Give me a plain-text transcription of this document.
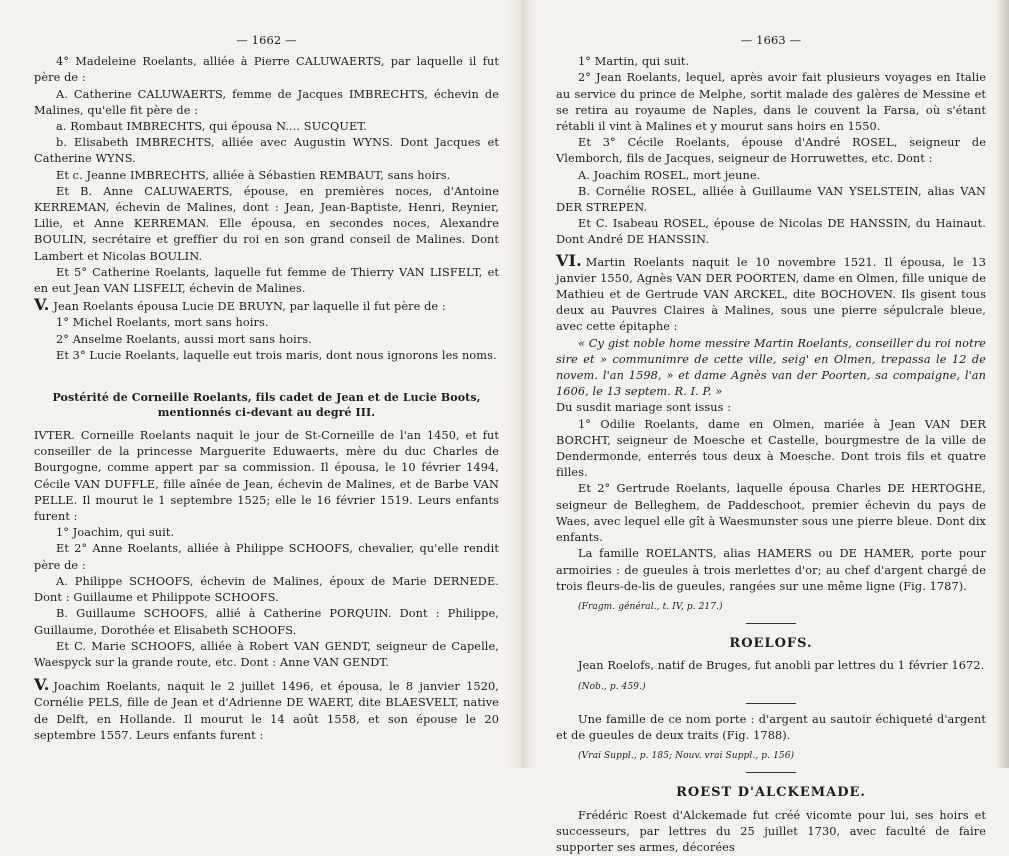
— 1662 —

4° Madeleine Roelants, alliée à Pierre CALUWAERTS, par laquelle il fut père de :

A. Catherine CALUWAERTS, femme de Jacques IMBRECHTS, échevin de Malines, qu'elle fit père de :

a. Rombaut IMBRECHTS, qui épousa N.... SUCQUET.

b. Elisabeth IMBRECHTS, alliée avec Augustin WYNS. Dont Jacques et Catherine WYNS.

Et c. Jeanne IMBRECHTS, alliée à Sébastien REMBAUT, sans hoirs.

Et B. Anne CALUWAERTS, épouse, en premières noces, d'Antoine KERREMAN, échevin de Malines, dont : Jean, Jean-Baptiste, Henri, Reynier, Lilie, et Anne KERREMAN. Elle épousa, en secondes noces, Alexandre BOULIN, secrétaire et greffier du roi en son grand conseil de Malines. Dont Lambert et Nicolas BOULIN.

Et 5° Catherine Roelants, laquelle fut femme de Thierry VAN LISFELT, et en eut Jean VAN LISFELT, échevin de Malines.

V. Jean Roelants épousa Lucie DE BRUYN, par laquelle il fut père de :

1° Michel Roelants, mort sans hoirs.

2° Anselme Roelants, aussi mort sans hoirs.

Et 3° Lucie Roelants, laquelle eut trois maris, dont nous ignorons les noms.

Postérité de Corneille Roelants, fils cadet de Jean et de Lucie Boots, mentionnés ci-devant au degré III.

IVTER. Corneille Roelants naquit le jour de St-Corneille de l'an 1450, et fut conseiller de la princesse Marguerite Eduwaerts, mère du duc Charles de Bourgogne, comme appert par sa commission. Il épousa, le 10 février 1494, Cécile VAN DUFFLE, fille aînée de Jean, échevin de Malines, et de Barbe VAN PELLE. Il mourut le 1 septembre 1525; elle le 16 février 1519. Leurs enfants furent :

1° Joachim, qui suit.

Et 2° Anne Roelants, alliée à Philippe SCHOOFS, chevalier, qu'elle rendit père de :

A. Philippe SCHOOFS, échevin de Malines, époux de Marie DERNEDE. Dont : Guillaume et Philippote SCHOOFS.

B. Guillaume SCHOOFS, allié à Catherine PORQUIN. Dont : Philippe, Guillaume, Dorothée et Elisabeth SCHOOFS.

Et C. Marie SCHOOFS, alliée à Robert VAN GENDT, seigneur de Capelle, Waespyck sur la grande route, etc. Dont : Anne VAN GENDT.

V. Joachim Roelants, naquit le 2 juillet 1496, et épousa, le 8 janvier 1520, Cornélie PELS, fille de Jean et d'Adrienne DE WAERT, dite BLAESVELT, native de Delft, en Hollande. Il mourut le 14 août 1558, et son épouse le 20 septembre 1557. Leurs enfants furent :

— 1663 —

1° Martin, qui suit.

2° Jean Roelants, lequel, après avoir fait plusieurs voyages en Italie au service du prince de Melphe, sortit malade des galères de Messine et se retira au royaume de Naples, dans le couvent la Farsa, où s'étant rétabli il vint à Malines et y mourut sans hoirs en 1550.

Et 3° Cécile Roelants, épouse d'André ROSEL, seigneur de Vlemborch, fils de Jacques, seigneur de Horruwettes, etc. Dont :

A. Joachim ROSEL, mort jeune.

B. Cornélie ROSEL, alliée à Guillaume VAN YSELSTEIN, alias VAN DER STREPEN.

Et C. Isabeau ROSEL, épouse de Nicolas DE HANSSIN, du Hainaut. Dont André DE HANSSIN.

VI. Martin Roelants naquit le 10 novembre 1521. Il épousa, le 13 janvier 1550, Agnès VAN DER POORTEN, dame en Olmen, fille unique de Mathieu et de Gertrude VAN ARCKEL, dite BOCHOVEN. Ils gisent tous deux au Pauvres Claires à Malines, sous une pierre sépulcrale bleue, avec cette épitaphe :

« Cy gist noble home messire Martin Roelants, conseiller du roi notre sire et » communimre de cette ville, seig' en Olmen, trepassa le 12 de novem. l'an 1598, » et dame Agnès van der Poorten, sa compaigne, l'an 1606, le 13 septem. R. I. P. »

Du susdit mariage sont issus :

1° Odilie Roelants, dame en Olmen, mariée à Jean VAN DER BORCHT, seigneur de Moesche et Castelle, bourgmestre de la ville de Dendermonde, enterrés tous deux à Moesche. Dont trois fils et quatre filles.

Et 2° Gertrude Roelants, laquelle épousa Charles DE HERTOGHE, seigneur de Belleghem, de Paddeschoot, premier échevin du pays de Waes, avec lequel elle gît à Waesmunster sous une pierre bleue. Dont dix enfants.

La famille ROELANTS, alias HAMERS ou DE HAMER, porte pour armoiries : de gueules à trois merlettes d'or; au chef d'argent chargé de trois fleurs-de-lis de gueules, rangées sur une même ligne (Fig. 1787).

(Fragm. général., t. IV, p. 217.)
ROELOFS.

Jean Roelofs, natif de Bruges, fut anobli par lettres du 1 février 1672.

(Nob., p. 459.)

Une famille de ce nom porte : d'argent au sautoir échiqueté d'argent et de gueules de deux traits (Fig. 1788).

(Vrai Suppl., p. 185; Nouv. vrai Suppl., p. 156)
ROEST D'ALCKEMADE.

Frédéric Roest d'Alckemade fut créé vicomte pour lui, ses hoirs et successeurs, par lettres du 25 juillet 1730, avec faculté de faire supporter ses armes, décorées
